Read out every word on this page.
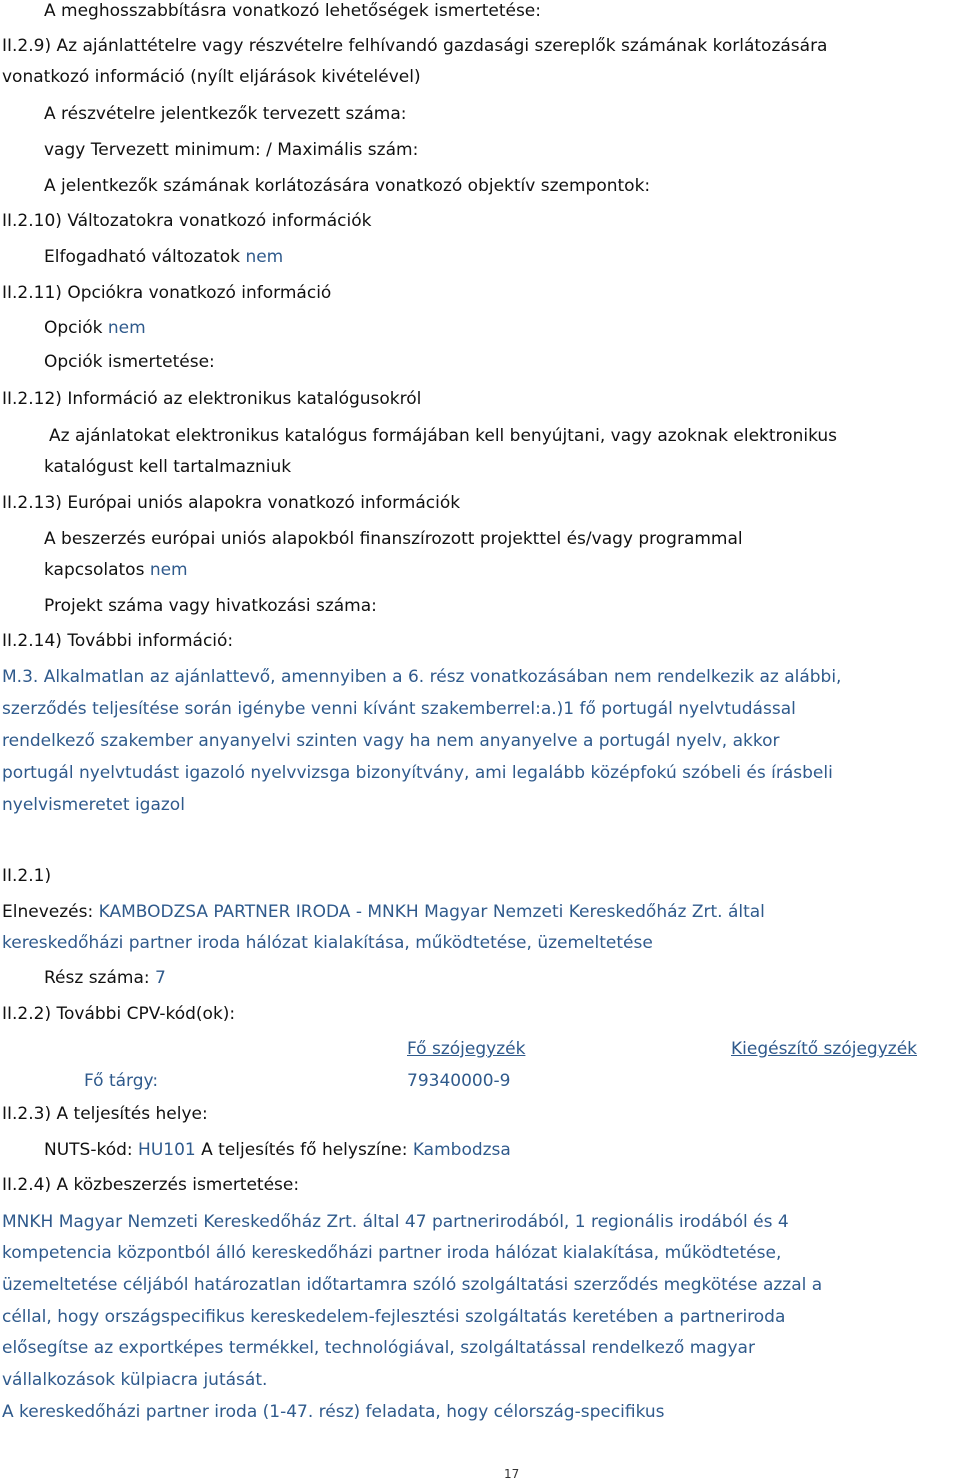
A meghosszabbításra vonatkozó lehetőségek ismertetése:
II.2.9) Az ajánlattételre vagy részvételre felhívandó gazdasági szereplők számának korlátozására
vonatkozó információ (nyílt eljárások kivételével)
A részvételre jelentkezők tervezett száma:
vagy Tervezett minimum: / Maximális szám:
A jelentkezők számának korlátozására vonatkozó objektív szempontok:
II.2.10) Változatokra vonatkozó információk
Elfogadható változatok nem
II.2.11) Opciókra vonatkozó információ
Opciók nem
Opciók ismertetése:
II.2.12) Információ az elektronikus katalógusokról
Az ajánlatokat elektronikus katalógus formájában kell benyújtani, vagy azoknak elektronikus
katalógust kell tartalmazniuk
II.2.13) Európai uniós alapokra vonatkozó információk
A beszerzés európai uniós alapokból finanszírozott projekttel és/vagy programmal
kapcsolatos nem
Projekt száma vagy hivatkozási száma:
II.2.14) További információ:
M.3. Alkalmatlan az ajánlattevő, amennyiben a 6. rész vonatkozásában nem rendelkezik az alábbi,
szerződés teljesítése során igénybe venni kívánt szakemberrel:a.)1 fő portugál nyelvtudással
rendelkező szakember anyanyelvi szinten vagy ha nem anyanyelve a portugál nyelv, akkor
portugál nyelvtudást igazoló nyelvvizsga bizonyítvány, ami legalább középfokú szóbeli és írásbeli
nyelvismeretet igazol
II.2.1)
Elnevezés: KAMBODZSA PARTNER IRODA - MNKH Magyar Nemzeti Kereskedőház Zrt. által
kereskedőházi partner iroda hálózat kialakítása, működtetése, üzemeltetése
Rész száma: 7
II.2.2) További CPV-kód(ok):
Fő szójegyzék	Kiegészítő szójegyzék
Fő tárgy:	79340000-9
II.2.3) A teljesítés helye:
NUTS-kód: HU101 A teljesítés fő helyszíne: Kambodzsa
II.2.4) A közbeszerzés ismertetése:
MNKH Magyar Nemzeti Kereskedőház Zrt. által 47 partnerirodából, 1 regionális irodából és 4
kompetencia központból álló kereskedőházi partner iroda hálózat kialakítása, működtetése,
üzemeltetése céljából határozatlan időtartamra szóló szolgáltatási szerződés megkötése azzal a
céllal, hogy országspecifikus kereskedelem-fejlesztési szolgáltatás keretében a partneriroda
elősegítse az exportképes termékkel, technológiával, szolgáltatással rendelkező magyar
vállalkozások külpiacra jutását.
A kereskedőházi partner iroda (1-47. rész) feladata, hogy célország-specifikus
17
